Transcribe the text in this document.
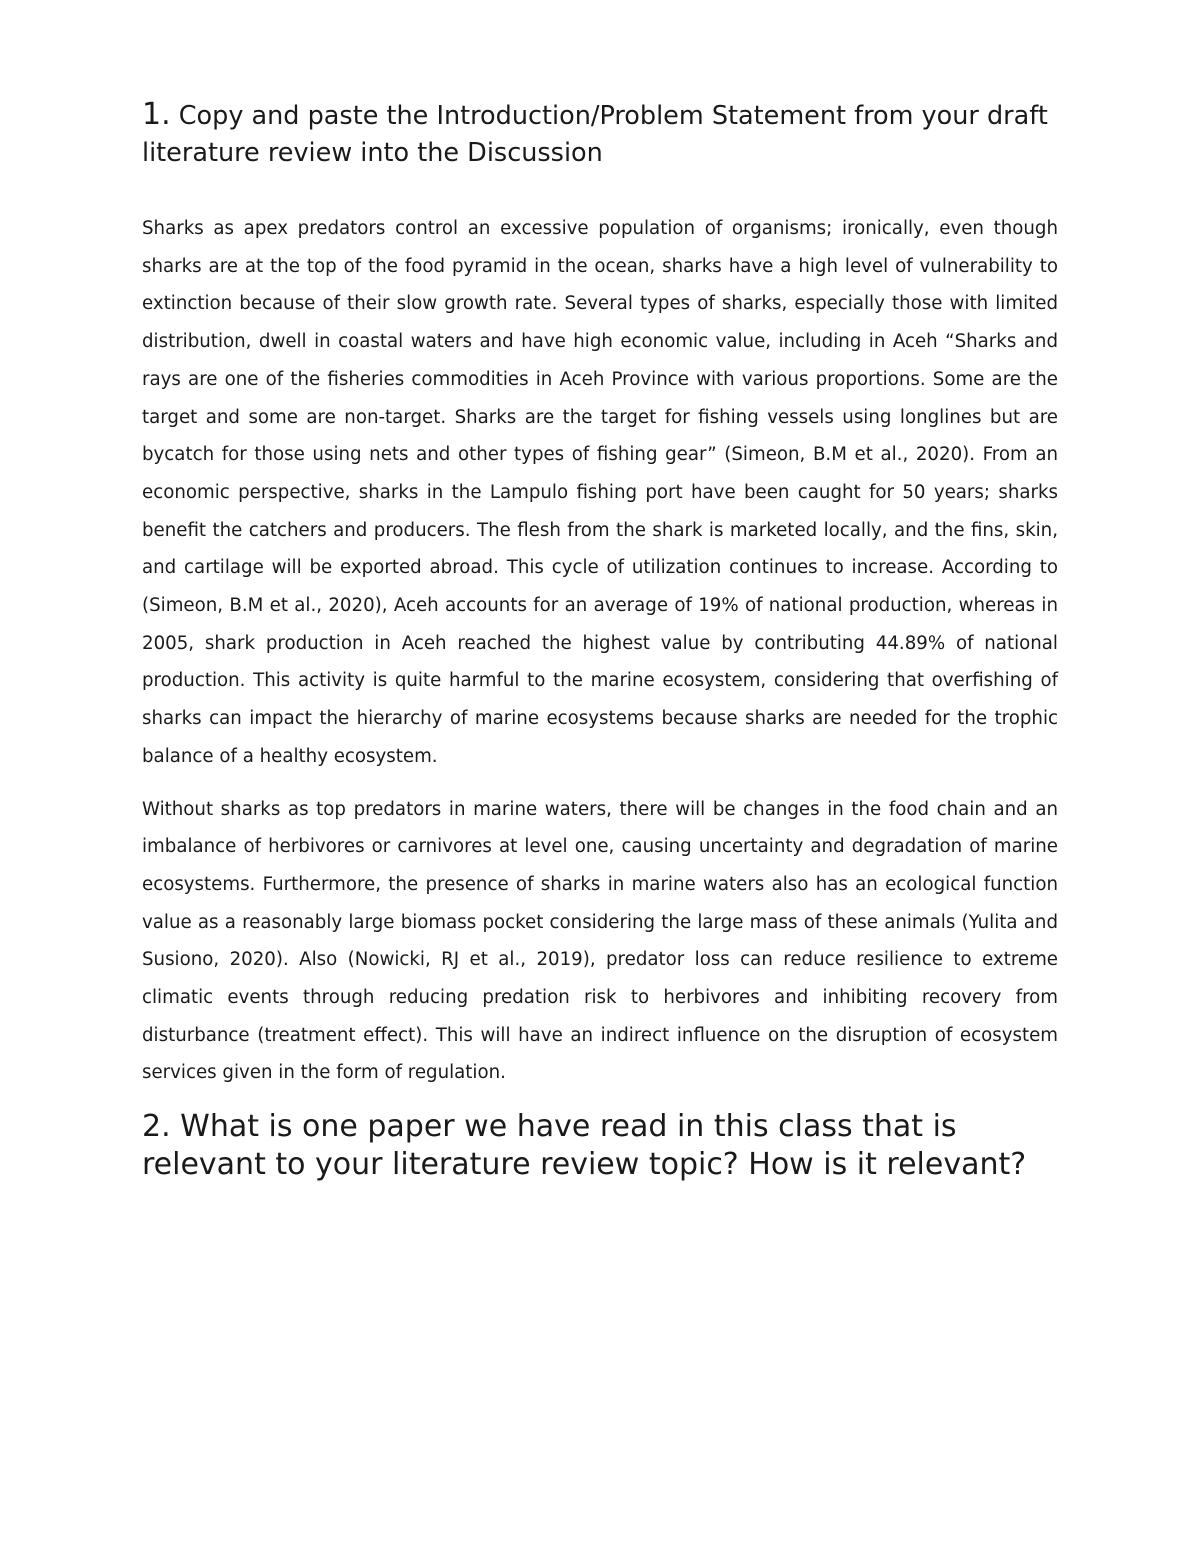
1. Copy and paste the Introduction/Problem Statement from your draft literature review into the Discussion

Sharks as apex predators control an excessive population of organisms; ironically, even though sharks are at the top of the food pyramid in the ocean, sharks have a high level of vulnerability to extinction because of their slow growth rate. Several types of sharks, especially those with limited distribution, dwell in coastal waters and have high economic value, including in Aceh “Sharks and rays are one of the fisheries commodities in Aceh Province with various proportions. Some are the target and some are non-target. Sharks are the target for fishing vessels using longlines but are bycatch for those using nets and other types of fishing gear” (Simeon, B.M et al., 2020). From an economic perspective, sharks in the Lampulo fishing port have been caught for 50 years; sharks benefit the catchers and producers. The flesh from the shark is marketed locally, and the fins, skin, and cartilage will be exported abroad. This cycle of utilization continues to increase. According to (Simeon, B.M et al., 2020), Aceh accounts for an average of 19% of national production, whereas in 2005, shark production in Aceh reached the highest value by contributing 44.89% of national production. This activity is quite harmful to the marine ecosystem, considering that overfishing of sharks can impact the hierarchy of marine ecosystems because sharks are needed for the trophic balance of a healthy ecosystem.

Without sharks as top predators in marine waters, there will be changes in the food chain and an imbalance of herbivores or carnivores at level one, causing uncertainty and degradation of marine ecosystems. Furthermore, the presence of sharks in marine waters also has an ecological function value as a reasonably large biomass pocket considering the large mass of these animals (Yulita and Susiono, 2020). Also (Nowicki, RJ et al., 2019), predator loss can reduce resilience to extreme climatic events through reducing predation risk to herbivores and inhibiting recovery from disturbance (treatment effect). This will have an indirect influence on the disruption of ecosystem services given in the form of regulation.

2. What is one paper we have read in this class that is relevant to your literature review topic? How is it relevant?
